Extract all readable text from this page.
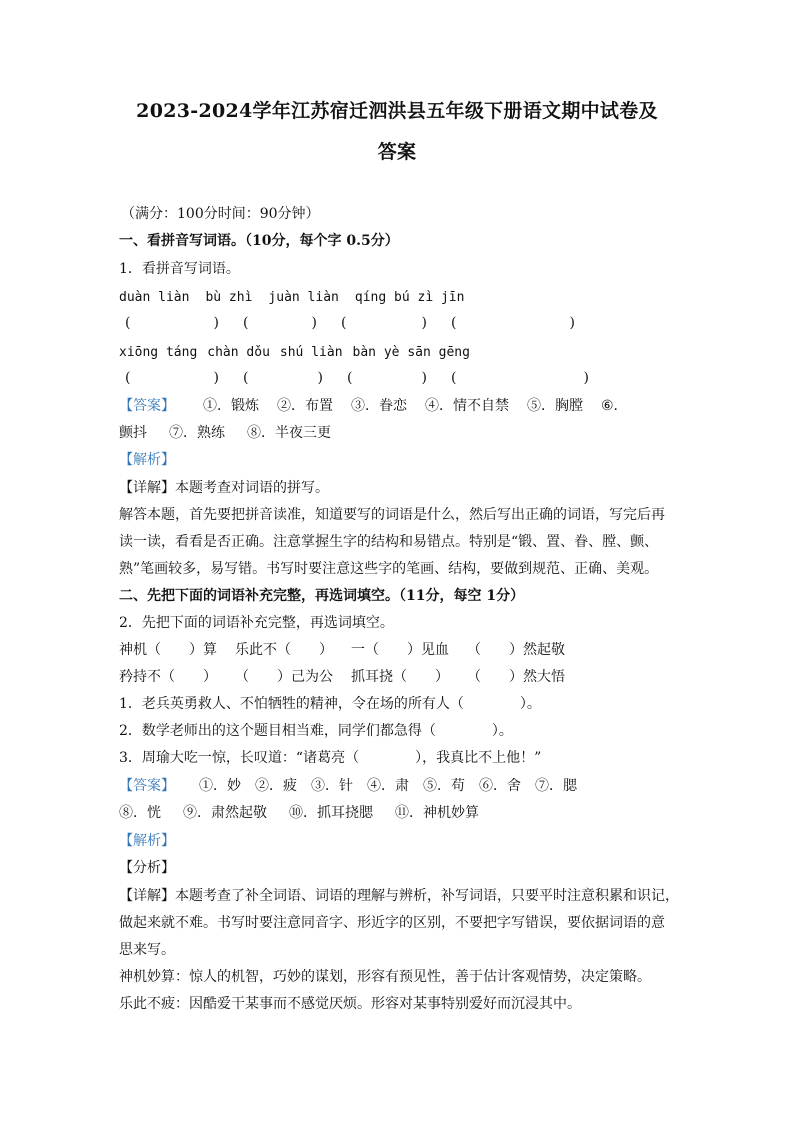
2023-2024学年江苏宿迁泗洪县五年级下册语文期中试卷及
答案
（满分：100分时间：90分钟）
一、看拼音写词语。（10分，每个字 0.5分）
1．看拼音写词语。
duàn liàn bù zhì juàn liàn qíng bú zì jīn
(	) (	) (	) (	)
xiōng táng chàn dǒu shú liàn bàn yè sān gēng
(	) (	) (	) (	)
【答案】 ①．锻炼 ②．布置 ③．眷恋 ④．情不自禁 ⑤．胸膛 ⑥．
颤抖 ⑦．熟练 ⑧．半夜三更
【解析】
【详解】本题考查对词语的拼写。
解答本题，首先要把拼音读准，知道要写的词语是什么，然后写出正确的词语，写完后再
读一读，看看是否正确。注意掌握生字的结构和易错点。特别是“锻、置、眷、膛、颤、
熟”笔画较多，易写错。书写时要注意这些字的笔画、结构，要做到规范、正确、美观。
二、先把下面的词语补充完整，再选词填空。（11分，每空 1分）
2．先把下面的词语补充完整，再选词填空。
神机（　　）算 乐此不（　　） 一（　　）见血 （　　）然起敬
矜持不（　　） （　　）己为公 抓耳挠（　　） （　　）然大悟
1．老兵英勇救人、不怕牺牲的精神，令在场的所有人（　　　　）。
2．数学老师出的这个题目相当难，同学们都急得（　　　　）。
3．周瑜大吃一惊，长叹道：“诸葛亮（　　　　），我真比不上他！”
【答案】 ①．妙 ②．疲 ③．针 ④．肃 ⑤．苟 ⑥．舍 ⑦．腮
⑧．恍 ⑨．肃然起敬 ⑩．抓耳挠腮 ⑪．神机妙算
【解析】
【分析】
【详解】本题考查了补全词语、词语的理解与辨析，补写词语，只要平时注意积累和识记，
做起来就不难。书写时要注意同音字、形近字的区别，不要把字写错误，要依据词语的意
思来写。
神机妙算：惊人的机智，巧妙的谋划，形容有预见性，善于估计客观情势，决定策略。
乐此不疲：因酷爱干某事而不感觉厌烦。形容对某事特别爱好而沉浸其中。
